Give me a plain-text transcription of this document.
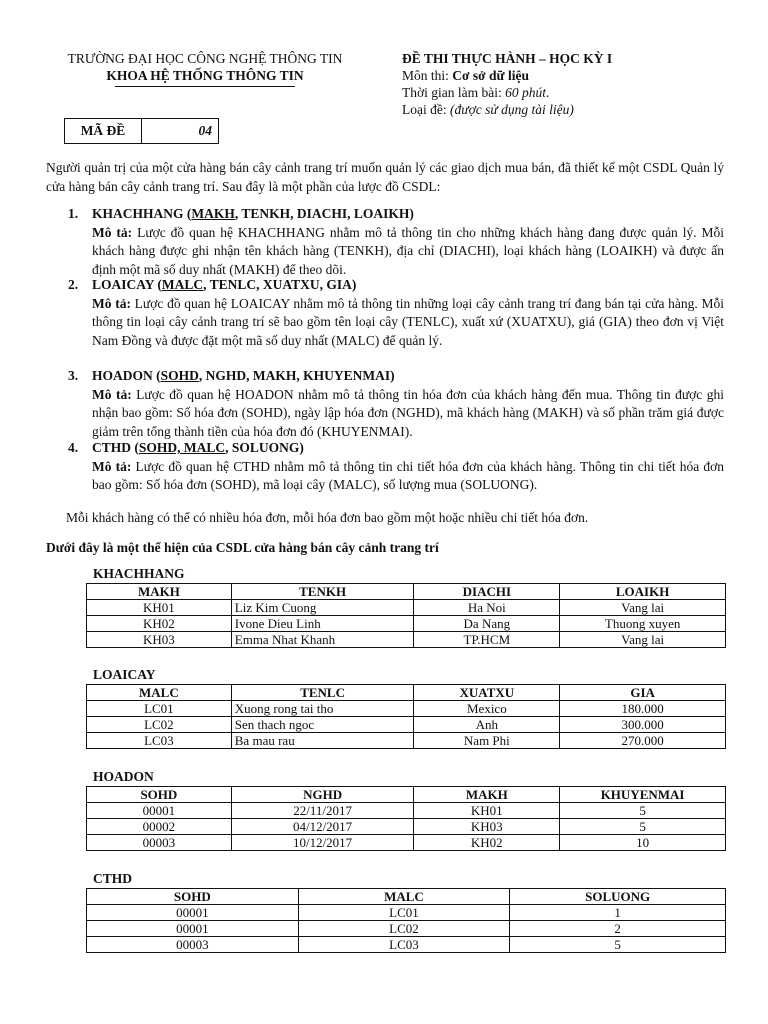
TRƯỜNG ĐẠI HỌC CÔNG NGHỆ THÔNG TIN
KHOA HỆ THỐNG THÔNG TIN
ĐỀ THI THỰC HÀNH – HỌC KỲ I
Môn thi: Cơ sở dữ liệu
Thời gian làm bài: 60 phút.
Loại đề: (được sử dụng tài liệu)
MÃ ĐỀ	04
Người quản trị của một cửa hàng bán cây cảnh trang trí muốn quản lý các giao dịch mua bán, đã thiết kế một CSDL Quản lý cửa hàng bán cây cảnh trang trí. Sau đây là một phần của lược đồ CSDL:
1. KHACHHANG (MAKH, TENKH, DIACHI, LOAIKH)
Mô tả: Lược đồ quan hệ KHACHHANG nhằm mô tả thông tin cho những khách hàng đang được quản lý. Mỗi khách hàng được ghi nhận tên khách hàng (TENKH), địa chỉ (DIACHI), loại khách hàng (LOAIKH) và được ấn định một mã số duy nhất (MAKH) để theo dõi.
2. LOAICAY (MALC, TENLC, XUATXU, GIA)
Mô tả: Lược đồ quan hệ LOAICAY nhằm mô tả thông tin những loại cây cảnh trang trí đang bán tại cửa hàng. Mỗi thông tin loại cây cảnh trang trí sẽ bao gồm tên loại cây (TENLC), xuất xứ (XUATXU), giá (GIA) theo đơn vị Việt Nam Đồng và được đặt một mã số duy nhất (MALC) để quản lý.
3. HOADON (SOHD, NGHD, MAKH, KHUYENMAI)
Mô tả: Lược đồ quan hệ HOADON nhằm mô tả thông tin hóa đơn của khách hàng đến mua. Thông tin được ghi nhận bao gồm: Số hóa đơn (SOHD), ngày lập hóa đơn (NGHD), mã khách hàng (MAKH) và số phần trăm giá được giảm trên tổng thành tiền của hóa đơn đó (KHUYENMAI).
4. CTHD (SOHD, MALC, SOLUONG)
Mô tả: Lược đồ quan hệ CTHD nhằm mô tả thông tin chi tiết hóa đơn của khách hàng. Thông tin chi tiết hóa đơn bao gồm: Số hóa đơn (SOHD), mã loại cây (MALC), số lượng mua (SOLUONG).
Mỗi khách hàng có thể có nhiều hóa đơn, mỗi hóa đơn bao gồm một hoặc nhiều chi tiết hóa đơn.
Dưới đây là một thể hiện của CSDL cửa hàng bán cây cảnh trang trí
KHACHHANG
MAKH	TENKH	DIACHI	LOAIKH
KH01	Liz Kim Cuong	Ha Noi	Vang lai
KH02	Ivone Dieu Linh	Da Nang	Thuong xuyen
KH03	Emma Nhat Khanh	TP.HCM	Vang lai
LOAICAY
MALC	TENLC	XUATXU	GIA
LC01	Xuong rong tai tho	Mexico	180.000
LC02	Sen thach ngoc	Anh	300.000
LC03	Ba mau rau	Nam Phi	270.000
HOADON
SOHD	NGHD	MAKH	KHUYENMAI
00001	22/11/2017	KH01	5
00002	04/12/2017	KH03	5
00003	10/12/2017	KH02	10
CTHD
SOHD	MALC	SOLUONG
00001	LC01	1
00001	LC02	2
00003	LC03	5
